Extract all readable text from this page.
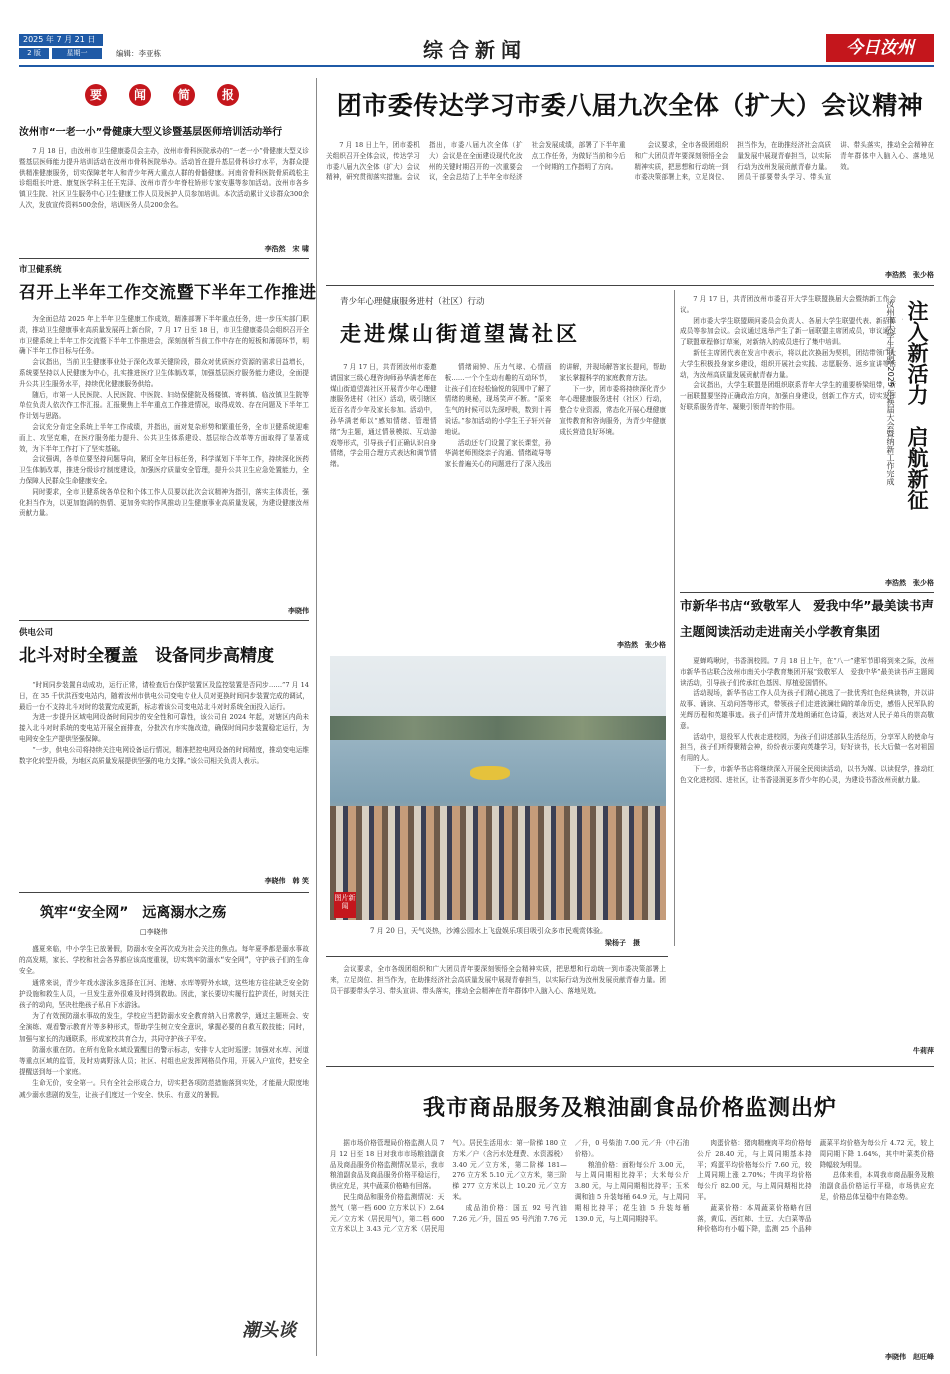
2025 年 7 月 21 日
2 版	星期一	编辑：李亚栋	综合新闻	今日汝州
要	闻	简	报
汝州市“一老一小”骨健康大型义诊暨基层医师培训活动举行
7 月 18 日，由汝州市卫生健康委员会主办，汝州市骨科医院承办的“一老一小”骨健康大型义诊暨基层医师能力提升培训活动在汝州市骨科医院举办。活动旨在提升基层骨科诊疗水平，为群众提供精准健康服务，切实保障老年人和青少年两大重点人群的骨骼健康。河南省骨科医院骨质疏松主诊组组长叶进、康复医学科主任王宪泽、汝州市青少年脊柱矫形专家安惠等参加活动。汝州市各乡镇卫生院、社区卫生服务中心卫生健康工作人员及医护人员参加培训。本次活动累计义诊群众300余人次，发放宣传资料500余份，培训医务人员200余名。
李浩然　宋 啸
市卫健系统
召开上半年工作交流暨下半年工作推进

为全面总结 2025 年上半年卫生健康工作成效，精准部署下半年重点任务，进一步压实部门职责，推动卫生健康事业高质量发展再上新台阶，7 月 17 日至 18 日，市卫生健康委员会组织召开全市卫健系统上半年工作交流暨下半年工作推进会，深刻剖析当前工作中存在的短板和薄弱环节，明确下半年工作目标与任务。

会议指出，当前卫生健康事业处于深化改革关键阶段，群众对优质医疗资源的需求日益增长，系统要坚持以人民健康为中心，扎实推进医疗卫生体制改革，加强基层医疗服务能力建设，全面提升公共卫生服务水平，持续优化健康服务供给。

随后，市第一人民医院、人民医院、中医院、妇幼保健院及杨楼镇、寄料镇、临汝镇卫生院等单位负责人依次作工作汇报。汇报聚焦上半年重点工作推进情况，取得成效、存在问题及下半年工作计划与思路。

会议充分肯定全系统上半年工作成绩，并指出，面对复杂形势和繁重任务，全市卫健系统迎难而上、攻坚克难，在医疗服务能力提升、公共卫生体系建设、基层综合改革等方面取得了显著成效，为下半年工作打下了坚实基础。

会议强调，各单位要坚持问题导向，紧盯全年目标任务，科学谋划下半年工作，持续深化医药卫生体制改革，推进分级诊疗制度建设，加强医疗质量安全管理，提升公共卫生应急处置能力，全力保障人民群众生命健康安全。

同时要求，全市卫健系统各单位和个体工作人员要以此次会议精神为指引，落实主体责任，强化担当作为，以更加饱满的热情、更加务实的作风推动卫生健康事业高质量发展，为建设健康汝州贡献力量。

李晓伟
供电公司
北斗对时全覆盖　设备同步高精度

“时间同步装置自动成功，运行正常，请检查后台保护装置区及监控装置是否同步……”7 月 14 日，在 35 千伏洪西变电站内，随着汝州市供电公司变电专业人员对更换时间同步装置完成的调试，最后一台不支持北斗对时的装置完成更新，标志着该公司变电站北斗对时系统全面投入运行。

为进一步提升区域电网设备时间同步的安全性和可靠性，该公司自 2024 年起，对辖区内尚未接入北斗对时系统的变电站开展全面排查，分批次有序实施改造，确保时间同步装置稳定运行，为电网安全生产提供坚强保障。

“一步，供电公司将持续关注电网设备运行情况，精准把控电网设备的时间精度，推动变电运维数字化转型升级，为地区高质量发展提供坚强的电力支撑。”该公司相关负责人表示。

李晓伟　韩 笑
筑牢“安全网”　远离溺水之殇
□李晓伟

盛夏来临，中小学生已放暑假，防溺水安全再次成为社会关注的焦点。每年夏季都是溺水事故的高发期，家长、学校和社会各界都应该高度重视，切实筑牢防溺水“安全网”，守护孩子们的生命安全。

通常来说，青少年戏水游泳多选择在江河、池塘、水库等野外水域，这些地方往往缺乏安全防护设施和救生人员，一旦发生意外很难及时得到救助。因此，家长要切实履行监护责任，时刻关注孩子的动向，坚决杜绝孩子私自下水游泳。

为了有效预防溺水事故的发生，学校应当把防溺水安全教育纳入日常教学，通过主题班会、安全演练、观看警示教育片等多种形式，帮助学生树立安全意识，掌握必要的自救互救技能；同时，加强与家长的沟通联系，形成家校共育合力，共同守护孩子平安。

防溺水重在防。在所有危险水域设置醒目的警示标志，安排专人定时巡逻；加强对水库、河道等重点区域的监管，及时劝离野泳人员；社区、村组也应发挥网格员作用，开展入户宣传，把安全提醒送到每一个家庭。

生命无价，安全第一。只有全社会形成合力，切实把各项防范措施落到实处，才能最大限度地减少溺水悲剧的发生，让孩子们度过一个安全、快乐、有意义的暑假。

潮头谈
团市委传达学习市委八届九次全体（扩大）会议精神

7 月 18 日上午，团市委机关组织召开全体会议，传达学习市委八届九次全体（扩大）会议精神，研究贯彻落实措施。会议指出，市委八届九次全体（扩大）会议是在全面建设现代化汝州的关键时期召开的一次重要会议，全会总结了上半年全市经济社会发展成绩，部署了下半年重点工作任务，为做好当前和今后一个时期的工作指明了方向。

会议要求，全市各级团组织和广大团员青年要深刻领悟全会精神实质，把思想和行动统一到市委决策部署上来，立足岗位、担当作为，在助推经济社会高质量发展中展现青春担当，以实际行动为汝州发展贡献青春力量。团员干部要带头学习、带头宣讲、带头落实，推动全会精神在青年群体中入脑入心、落地见效。

李浩然　张少格
青少年心理健康服务进村（社区）行动
走进煤山街道望嵩社区

7 月 17 日，共青团汝州市委邀请国家三级心理咨询师孙华满老师在煤山街道望嵩社区开展青少年心理健康服务进村（社区）活动，吸引辖区近百名青少年及家长参加。活动中，孙华满老师以“感知情绪、管理情绪”为主题，通过情景模拟、互动游戏等形式，引导孩子们正确认识自身情绪，学会用合理方式表达和调节情绪。

情绪闹钟、压力气球、心情画板……一个个生动有趣的互动环节，让孩子们在轻松愉悦的氛围中了解了情绪的奥秘，现场笑声不断。“原来生气的时候可以先深呼吸，数到十再说话。”参加活动的小学生王子轩兴奋地说。

活动还专门设置了家长课堂，孙华满老师围绕亲子沟通、情绪疏导等家长普遍关心的问题进行了深入浅出的讲解，并现场解答家长提问，帮助家长掌握科学的家庭教育方法。

下一步，团市委将持续深化青少年心理健康服务进村（社区）行动，整合专业资源，常态化开展心理健康宣传教育和咨询服务，为青少年健康成长营造良好环境。

李浩然　张少格
图片新闻
7 月 20 日，天气炎热，沙滩公园水上飞盘娱乐项目吸引众多市民观赏体验。
梁杨子　摄

7 月 17 日，共青团汝州市委召开大学生联盟换届大会暨纳新工作会议。

团市委大学生联盟顾问委员会负责人、各届大学生联盟代表、新招募成员等参加会议。会议通过选举产生了新一届联盟主席团成员，审议通过了联盟章程修订草案，对新纳入的成员进行了集中培训。

新任主席团代表在发言中表示，将以此次换届为契机，团结带领广大大学生积极投身家乡建设，组织开展社会实践、志愿服务、返乡宣讲等活动，为汝州高质量发展贡献青春力量。

会议指出，大学生联盟是团组织联系青年大学生的重要桥梁纽带，新一届联盟要坚持正确政治方向，加强自身建设，创新工作方式，切实发挥好联系服务青年、凝聚引领青年的作用。

注入新活力　启航新征
汝州市大学生联盟 2025 年换届大会暨纳新工作完成
李浩然　张少格
市新华书店“致敬军人　爱我中华”最美读书声
主题阅读活动走进南关小学教育集团

夏蝉鸣啾时，书香润校园。7 月 18 日上午，在“八一”建军节即将到来之际，汝州市新华书店联合汝州市南关小学教育集团开展“致敬军人　爱我中华”最美读书声主题阅读活动，引导孩子们传承红色基因、厚植爱国情怀。

活动现场，新华书店工作人员为孩子们精心挑选了一批优秀红色经典读物，并以讲故事、诵读、互动问答等形式，带领孩子们走进波澜壮阔的革命历史，感悟人民军队的光辉历程和英雄事迹。孩子们声情并茂地朗诵红色诗篇，表达对人民子弟兵的崇高敬意。

活动中，退役军人代表走进校园，为孩子们讲述部队生活经历，分享军人的使命与担当，孩子们听得聚精会神，纷纷表示要向英雄学习，好好读书，长大后做一名对祖国有用的人。

下一步，市新华书店将继续深入开展全民阅读活动，以书为媒、以读促学，推动红色文化进校园、进社区，让书香浸润更多青少年的心灵，为建设书香汝州贡献力量。

牛莉萍
会议要求，全市各级团组织和广大团员青年要深刻领悟全会精神实质，把思想和行动统一到市委决策部署上来，立足岗位、担当作为，在助推经济社会高质量发展中展现青春担当，以实际行动为汝州发展贡献青春力量。团员干部要带头学习、带头宣讲、带头落实，推动全会精神在青年群体中入脑入心、落地见效。
我市商品服务及粮油副食品价格监测出炉

据市场价格管理局价格监测人员 7 月 12 日至 18 日对我市市场粮油副食品及商品服务价格监测情况显示，我市粮油副食品及商品服务价格平稳运行，供应充足，其中蔬菜价格略有回落。

民生商品和服务价格监测情况：天然气（第一档 600 立方米以下）2.64 元／立方米（居民用气），第二档 600 立方米以上 3.43 元／立方米（居民用气）。居民生活用水：第一阶梯 180 立方米／户（含污水处理费、水资源税）3.40 元／立方米，第二阶梯 181—276 立方米 5.10 元／立方米，第三阶梯 277 立方米以上 10.20 元／立方米。

成品油价格：国五 92 号汽油 7.26 元／升，国五 95 号汽油 7.76 元／升，0 号柴油 7.00 元／升（中石油价格）。

粮油价格：面粉每公斤 3.00 元，与上周同期相比持平；大米每公斤 3.80 元，与上周同期相比持平；玉米调和油 5 升装每桶 64.9 元，与上周同期相比持平；花生油 5 升装每桶 139.0 元，与上周同期持平。

肉蛋价格：猪肉精瘦肉平均价格每公斤 28.40 元，与上周同期基本持平；鸡蛋平均价格每公斤 7.60 元，较上周同期上涨 2.70%；牛肉平均价格每公斤 82.00 元，与上周同期相比持平。

蔬菜价格：本周蔬菜价格略有回落，黄瓜、西红柿、土豆、大白菜等品种价格均有小幅下降，监测 25 个品种蔬菜平均价格为每公斤 4.72 元，较上周同期下降 1.64%，其中叶菜类价格降幅较为明显。

总体来看，本周我市商品服务及粮油副食品价格运行平稳，市场供应充足，价格总体呈稳中有降态势。

李晓伟　赵旺峰
